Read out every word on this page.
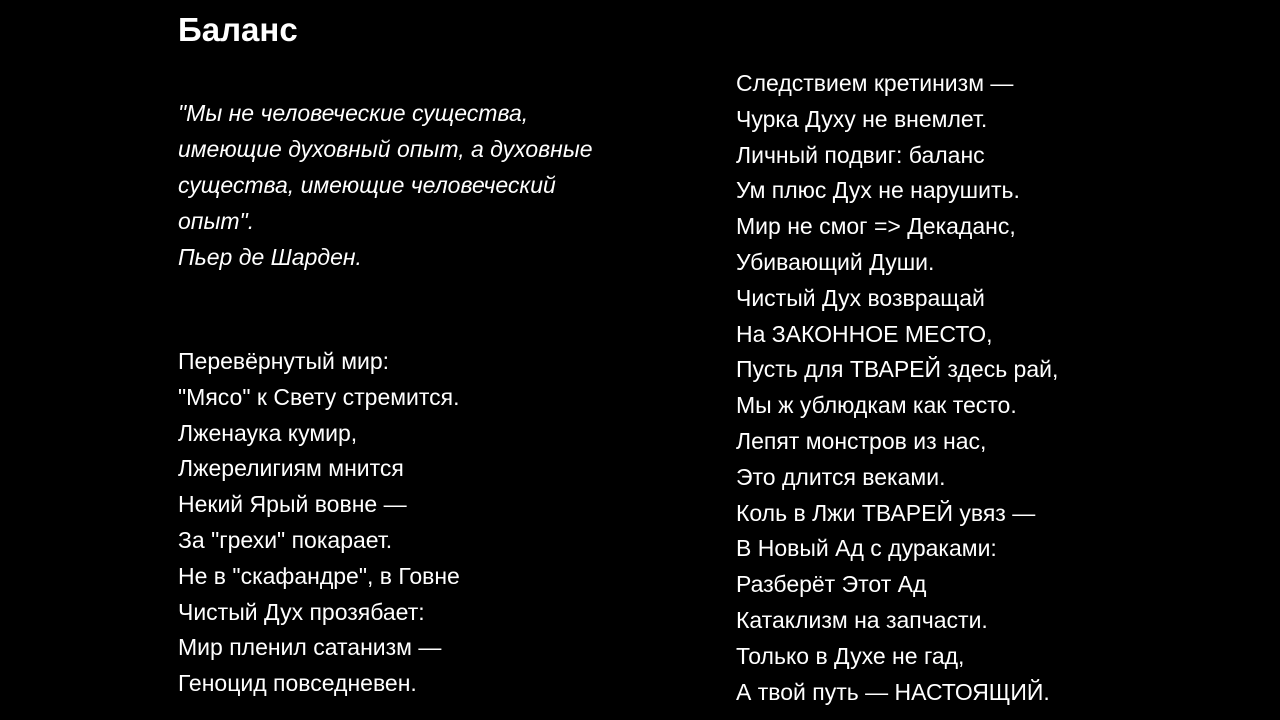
Баланс
"Мы не человеческие существа,
имеющие духовный опыт, а духовные
существа, имеющие человеческий
опыт".
Пьер де Шарден.
Перевёрнутый мир:
"Мясо" к Свету стремится.
Лженаука кумир,
Лжерелигиям мнится
Некий Ярый вовне —
За "грехи" покарает.
Не в "скафандре", в Говне
Чистый Дух прозябает:
Мир пленил сатанизм —
Геноцид повседневен.
Следствием кретинизм —
Чурка Духу не внемлет.
Личный подвиг: баланс
Ум плюс Дух не нарушить.
Мир не смог => Декаданс,
Убивающий Души.
Чистый Дух возвращай
На ЗАКОННОЕ МЕСТО,
Пусть для ТВАРЕЙ здесь рай,
Мы ж ублюдкам как тесто.
Лепят монстров из нас,
Это длится веками.
Коль в Лжи ТВАРЕЙ увяз —
В Новый Ад с дураками:
Разберёт Этот Ад
Катаклизм на запчасти.
Только в Духе не гад,
А твой путь — НАСТОЯЩИЙ.
